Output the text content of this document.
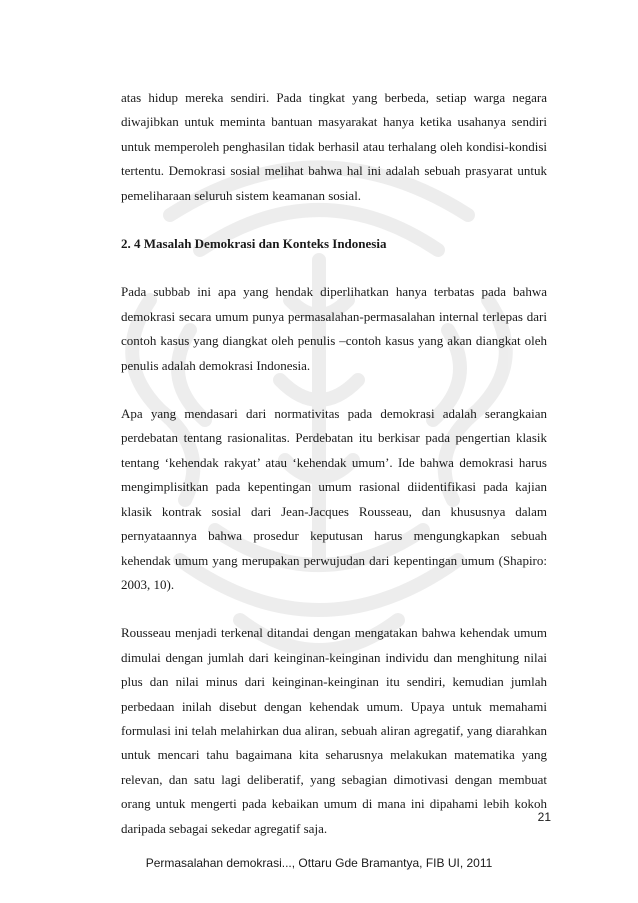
atas hidup mereka sendiri. Pada tingkat yang berbeda, setiap warga negara diwajibkan untuk meminta bantuan masyarakat hanya ketika usahanya sendiri untuk memperoleh penghasilan tidak berhasil atau terhalang oleh kondisi-kondisi tertentu. Demokrasi sosial melihat bahwa hal ini adalah sebuah prasyarat untuk pemeliharaan seluruh sistem keamanan sosial.

2. 4 Masalah Demokrasi dan Konteks Indonesia

Pada subbab ini apa yang hendak diperlihatkan hanya terbatas pada bahwa demokrasi secara umum punya permasalahan-permasalahan internal terlepas dari contoh kasus yang diangkat oleh penulis –contoh kasus yang akan diangkat oleh penulis adalah demokrasi Indonesia.

Apa yang mendasari dari normativitas pada demokrasi adalah serangkaian perdebatan tentang rasionalitas. Perdebatan itu berkisar pada pengertian klasik tentang ‘kehendak rakyat’ atau ‘kehendak umum’. Ide bahwa demokrasi harus mengimplisitkan pada kepentingan umum rasional diidentifikasi pada kajian klasik kontrak sosial dari Jean-Jacques Rousseau, dan khususnya dalam pernyataannya bahwa prosedur keputusan harus mengungkapkan sebuah kehendak umum yang merupakan perwujudan dari kepentingan umum (Shapiro: 2003, 10).

Rousseau menjadi terkenal ditandai dengan mengatakan bahwa kehendak umum dimulai dengan jumlah dari keinginan-keinginan individu dan menghitung nilai plus dan nilai minus dari keinginan-keinginan itu sendiri, kemudian jumlah perbedaan inilah disebut dengan kehendak umum. Upaya untuk memahami formulasi ini telah melahirkan dua aliran, sebuah aliran agregatif, yang diarahkan untuk mencari tahu bagaimana kita seharusnya melakukan matematika yang relevan, dan satu lagi deliberatif, yang sebagian dimotivasi dengan membuat orang untuk mengerti pada kebaikan umum di mana ini dipahami lebih kokoh daripada sebagai sekedar agregatif saja.

21
Permasalahan demokrasi..., Ottaru Gde Bramantya, FIB UI, 2011
